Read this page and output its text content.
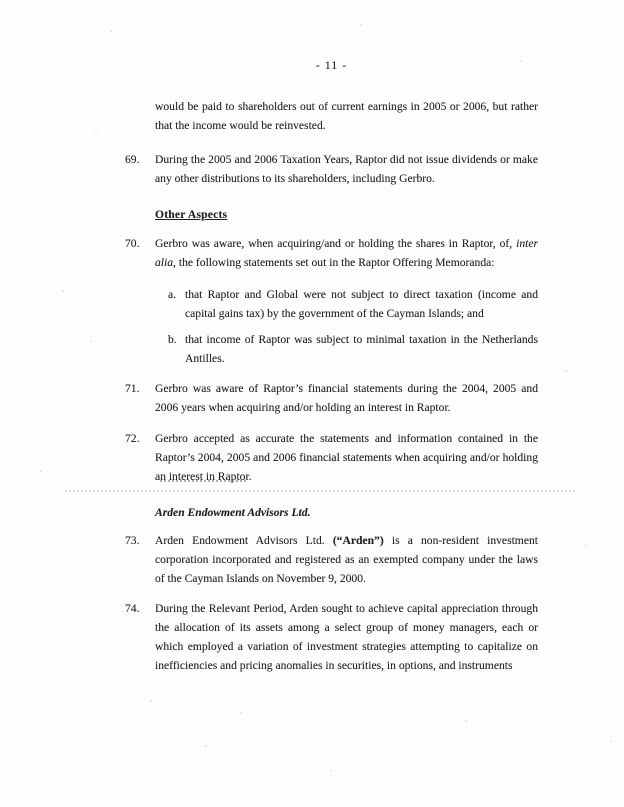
- 11 -
would be paid to shareholders out of current earnings in 2005 or 2006, but rather that the income would be reinvested.
69.	During the 2005 and 2006 Taxation Years, Raptor did not issue dividends or make any other distributions to its shareholders, including Gerbro.
Other Aspects
70.	Gerbro was aware, when acquiring/and or holding the shares in Raptor, of, inter alia, the following statements set out in the Raptor Offering Memoranda:
a. that Raptor and Global were not subject to direct taxation (income and capital gains tax) by the government of the Cayman Islands; and
b. that income of Raptor was subject to minimal taxation in the Netherlands Antilles.
71.	Gerbro was aware of Raptor’s financial statements during the 2004, 2005 and 2006 years when acquiring and/or holding an interest in Raptor.
72.	Gerbro accepted as accurate the statements and information contained in the Raptor’s 2004, 2005 and 2006 financial statements when acquiring and/or holding an interest in Raptor.
Arden Endowment Advisors Ltd.
73.	Arden Endowment Advisors Ltd. (“Arden”) is a non-resident investment corporation incorporated and registered as an exempted company under the laws of the Cayman Islands on November 9, 2000.
74.	During the Relevant Period, Arden sought to achieve capital appreciation through the allocation of its assets among a select group of money managers, each or which employed a variation of investment strategies attempting to capitalize on inefficiencies and pricing anomalies in securities, in options, and instruments
